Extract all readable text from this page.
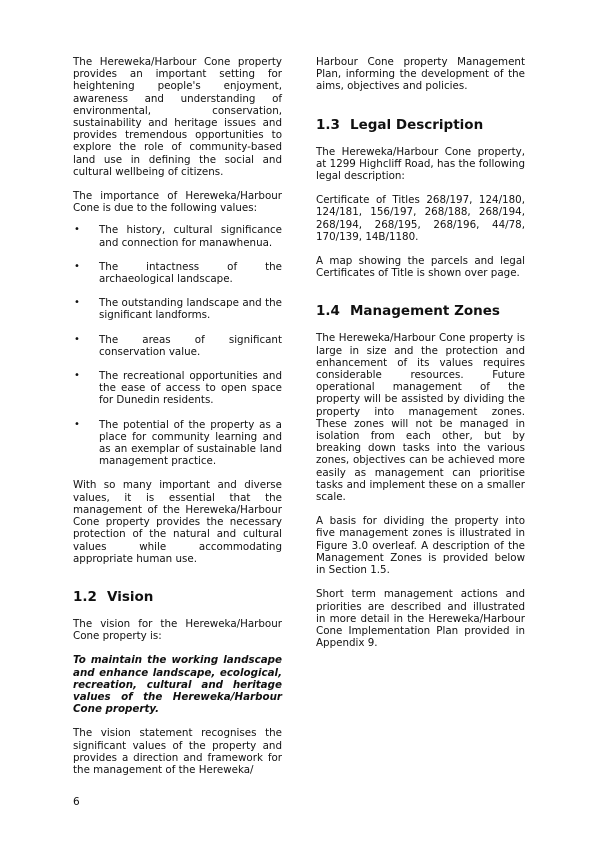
The Hereweka/Harbour Cone property provides an important setting for heightening people's enjoyment, awareness and understanding of environmental, conservation, sustainability and heritage issues and provides tremendous opportunities to explore the role of community-based land use in defining the social and cultural wellbeing of citizens.

The importance of Hereweka/Harbour Cone is due to the following values:

• The history, cultural significance and connection for manawhenua.
• The intactness of the archaeological landscape.
• The outstanding landscape and the significant landforms.
• The areas of significant conservation value.
• The recreational opportunities and the ease of access to open space for Dunedin residents.
• The potential of the property as a place for community learning and as an exemplar of sustainable land management practice.

With so many important and diverse values, it is essential that the management of the Hereweka/Harbour Cone property provides the necessary protection of the natural and cultural values while accommodating appropriate human use.

1.2 Vision

The vision for the Hereweka/Harbour Cone property is:

To maintain the working landscape and enhance landscape, ecological, recreation, cultural and heritage values of the Hereweka/Harbour Cone property.

The vision statement recognises the significant values of the property and provides a direction and framework for the management of the Hereweka/

Harbour Cone property Management Plan, informing the development of the aims, objectives and policies.

1.3 Legal Description

The Hereweka/Harbour Cone property, at 1299 Highcliff Road, has the following legal description:

Certificate of Titles 268/197, 124/180, 124/181, 156/197, 268/188, 268/194, 268/194, 268/195, 268/196, 44/78, 170/139, 14B/1180.

A map showing the parcels and legal Certificates of Title is shown over page.

1.4 Management Zones

The Hereweka/Harbour Cone property is large in size and the protection and enhancement of its values requires considerable resources. Future operational management of the property will be assisted by dividing the property into management zones. These zones will not be managed in isolation from each other, but by breaking down tasks into the various zones, objectives can be achieved more easily as management can prioritise tasks and implement these on a smaller scale.

A basis for dividing the property into five management zones is illustrated in Figure 3.0 overleaf. A description of the Management Zones is provided below in Section 1.5.

Short term management actions and priorities are described and illustrated in more detail in the Hereweka/Harbour Cone Implementation Plan provided in Appendix 9.

6
